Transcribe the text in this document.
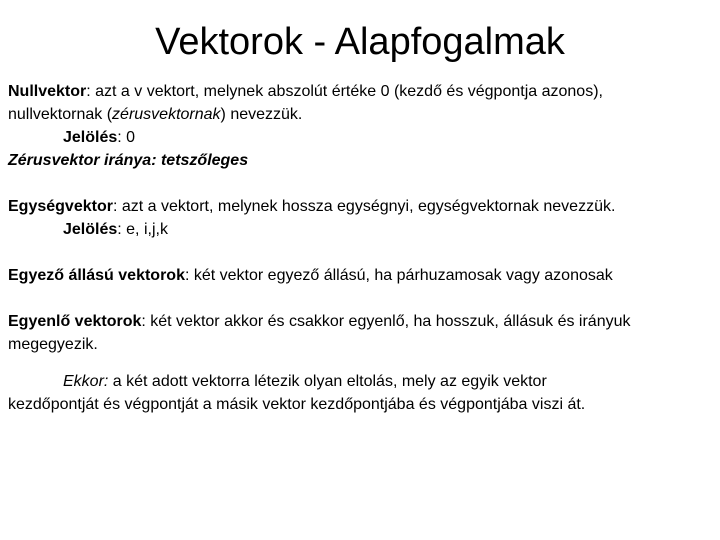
Vektorok - Alapfogalmak
Nullvektor: azt a v vektort, melynek abszolút értéke 0 (kezdő és végpontja azonos),
nullvektornak (zérusvektornak) nevezzük.
Jelölés: 0
Zérusvektor iránya: tetszőleges
Egységvektor: azt a vektort, melynek hossza egységnyi, egységvektornak nevezzük.
Jelölés: e, i,j,k
Egyező állású vektorok: két vektor egyező állású, ha párhuzamosak vagy azonosak
Egyenlő vektorok: két vektor akkor és csakkor egyenlő, ha hosszuk, állásuk és irányuk
megegyezik.
Ekkor: a két adott vektorra létezik olyan eltolás, mely az egyik vektor
kezdőpontját és végpontját a másik vektor kezdőpontjába és végpontjába viszi át.
